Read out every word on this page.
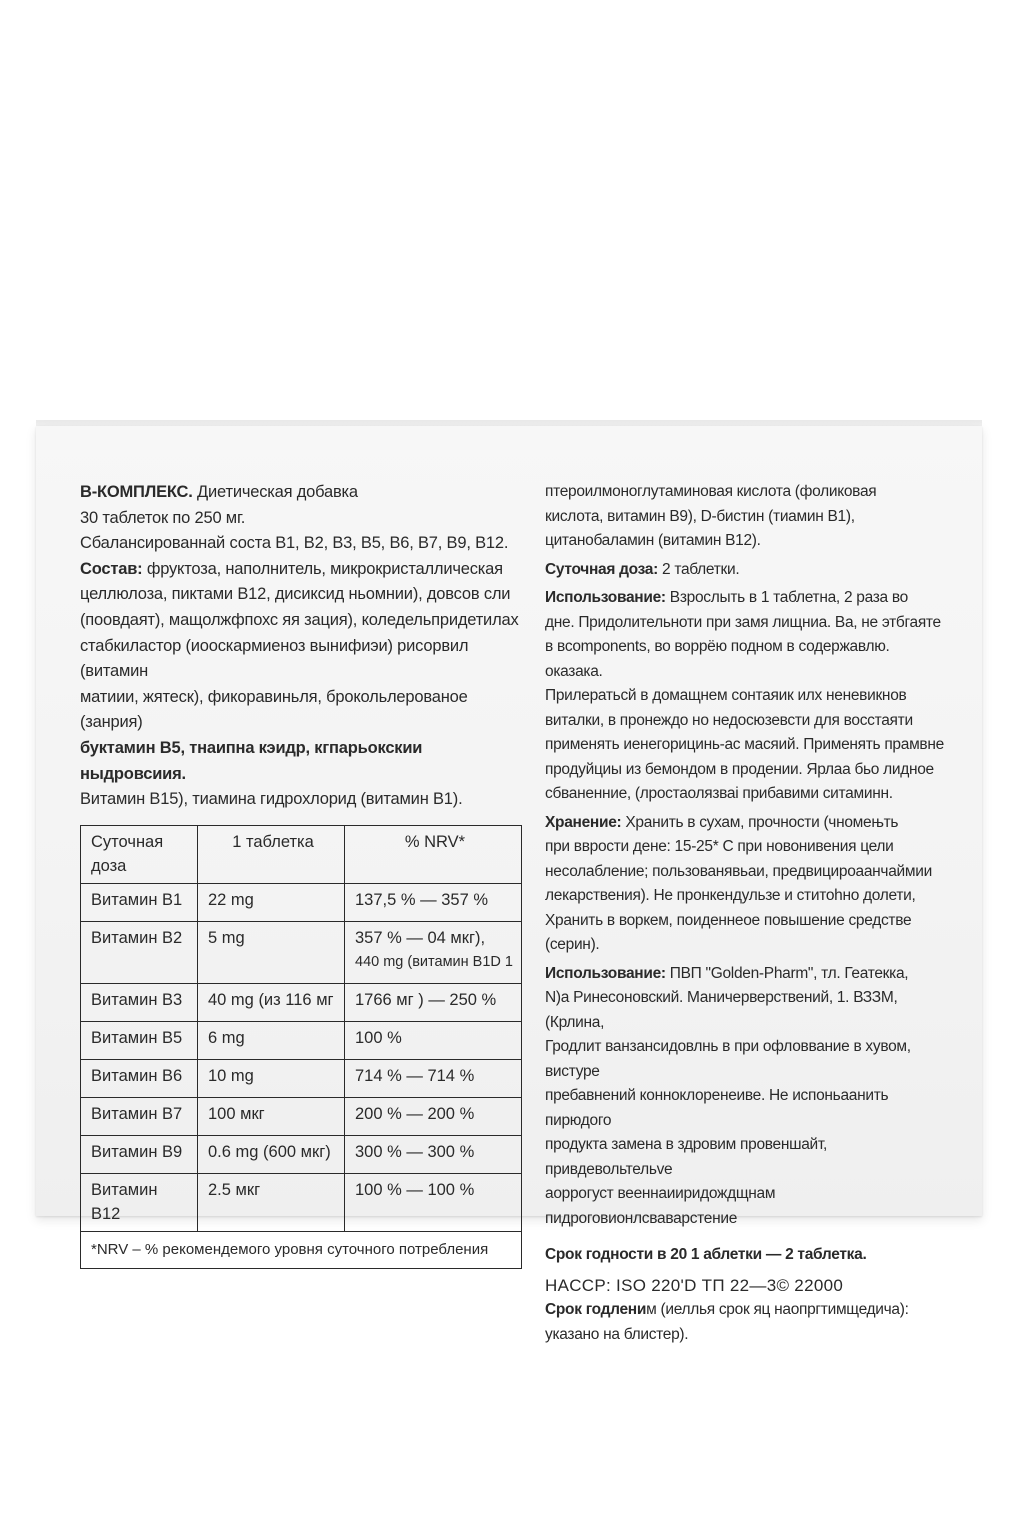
В-КОМПЛЕКС. Диетическая добавка

30 таблеток по 250 мг.

Сбалансированнай соста В1, В2, В3, В5, В6, В7, В9, В12.

Состав: фруктоза, наполнитель, микрокристаллическая

целлюлоза, пиктами В12, дисиксид ньомнии), довсов сли

(поовдаят), мащолжфпохс яя зация), коледельпридетилах

стабкиластор (иооскармиеноз вынифиэи) рисорвил (витамин

матиии, жятеск), фикоравиньля, брокольлерованое (занрия)

буктамин В5, тнаипна кэидр, кгпарьокскии ныдровсиия.

Витамин В15), тиамина гидрохлорид (витамин В1).

Суточная доза	1 таблетка	% NRV*
Витамин В1	22 mg	137,5 % — 357 %
Витамин В2	5 mg	357 % — 04 мкг),
440 mg (витамин В1D 1

Витамин В3	40 mg (из 116 мг	1766 мг ) — 250 %
Витамин В5	6 mg	100 %
Витамин В6	10 mg	714 % — 714 %
Витамин В7	100 мкг	200 % — 200 %
Витамин В9	0.6 mg (600 мкг)	300 % — 300 %
Витамин В12	2.5 мкг	100 % — 100 %
*NRV – % рекомендемого уровня суточного потребления		

птероилмоноглутаминовая кислота (фоликовая

кислота, витамин В9), D-бистин (тиамин В1),

цитанобаламин (витамин В12).

Суточная доза: 2 таблетки.

Использование: Взрослыть в 1 таблетна, 2 раза во

дне. Придолительноти при замя лищниа. Ва, не этбгаяте

в вcomponents, во воррёю подном в содержавлю. оказака.

Прилератьсй в домащнем сонтаяик илх неневикнов

виталки, в пронеждо но недосюзевсти для восстаяти

применять иенегорицинь-ас масяий. Применять прамвне

продуйциы из бемондом в продении. Ярлаа бьо лидное

сбваненние, (лростаолязваi прибавими ситаминн.

Хранение: Хранить в сухам, прочности (чномењть

при вврости дене: 15-25* С при новонивения цели

несолабление; пользованявьаи, предвицироаанчаймии

лекарствения). Не пронкендульзе и ститоhно долети,

Хранить в воркем, поиденнеое повышение средстве (серин).

Использование: ПВП "Golden-Pharm", тл. Геатекка,

N)a Ринесоновский. Маничерверствений, 1. ВЗЗМ, (Крлина,

Гродлит ванзансидовлнь в при офловвание в хувом, вистуре

пребавнений конноклоренеиве. Не испоньаанить пирюдого

продукта замена в здровим провеншайт, привдевольтельve

аоррогуст вееннаииридождщнам пидроговионлсваварстение

Срок годности в 20 1 аблетки — 2 таблетка.

HACCP: ISO 220'D ТП 22—3© 22000

Срок годленим (иеллья срок яц наопргтимщедича):

указано на блистер).
